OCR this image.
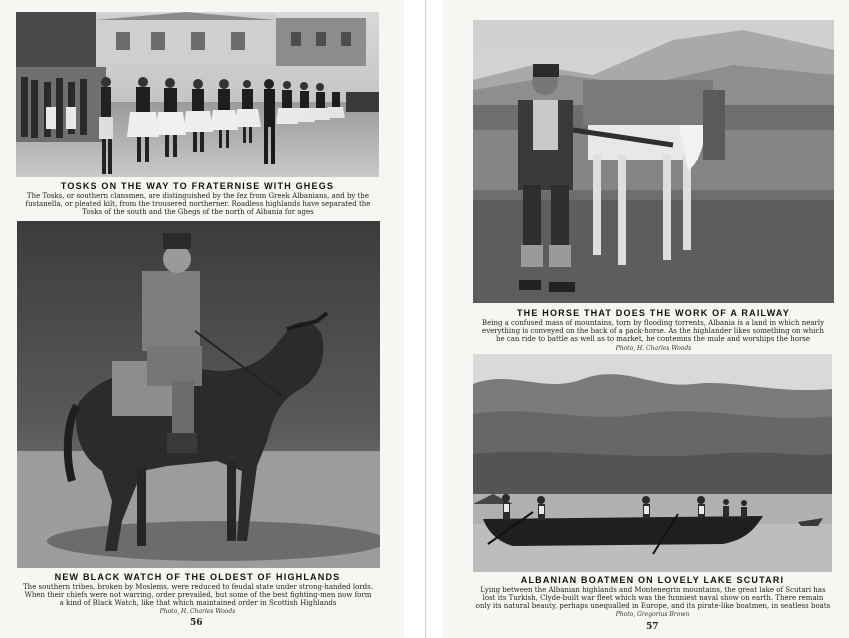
TOSKS ON THE WAY TO FRATERNISE WITH GHEGS
The Tosks, or southern clansmen, are distinguished by the fez from Greek Albanians, and by the
fustanella, or pleated kilt, from the trousered northerner. Roadless highlands have separated the
Tosks of the south and the Ghegs of the north of Albania for ages
NEW BLACK WATCH OF THE OLDEST OF HIGHLANDS
The southern tribes, broken by Moslems, were reduced to feudal state under strong-handed lords.
When their chiefs were not warring, order prevailed, but some of the best fighting-men now form
a kind of Black Watch, like that which maintained order in Scottish Highlands
Photo, H. Charles Woods
56
THE HORSE THAT DOES THE WORK OF A RAILWAY
Being a confused mass of mountains, torn by flooding torrents, Albania is a land in which nearly
everything is conveyed on the back of a pack-horse. As the highlander likes something on which
he can ride to battle as well as to market, he contemns the mule and worships the horse
Photo, H. Charles Woods
ALBANIAN BOATMEN ON LOVELY LAKE SCUTARI
Lying between the Albanian highlands and Montenegrin mountains, the great lake of Scutari has
lost its Turkish, Clyde-built war fleet which was the funniest naval show on earth. There remain
only its natural beauty, perhaps unequalled in Europe, and its pirate-like boatmen, in seatless boats
Photo, Gregorius Brown
57
